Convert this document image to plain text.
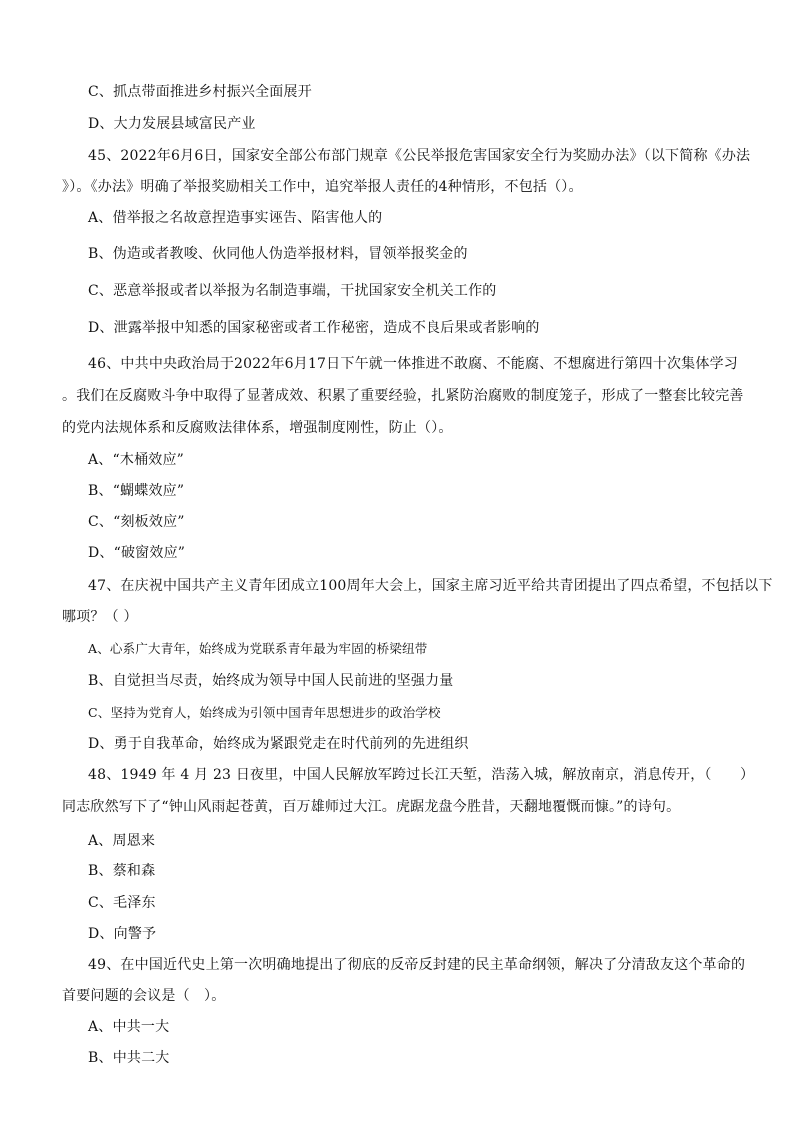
C、抓点带面推进乡村振兴全面展开
D、大力发展县域富民产业
45、2022年6月6日，国家安全部公布部门规章《公民举报危害国家安全行为奖励办法》（以下简称《办法
》）。《办法》明确了举报奖励相关工作中，追究举报人责任的4种情形，不包括（）。
A、借举报之名故意捏造事实诬告、陷害他人的
B、伪造或者教唆、伙同他人伪造举报材料，冒领举报奖金的
C、恶意举报或者以举报为名制造事端，干扰国家安全机关工作的
D、泄露举报中知悉的国家秘密或者工作秘密，造成不良后果或者影响的
46、中共中央政治局于2022年6月17日下午就一体推进不敢腐、不能腐、不想腐进行第四十次集体学习
。我们在反腐败斗争中取得了显著成效、积累了重要经验，扎紧防治腐败的制度笼子，形成了一整套比较完善
的党内法规体系和反腐败法律体系，增强制度刚性，防止（）。
A、“木桶效应”
B、“蝴蝶效应”
C、“刻板效应”
D、“破窗效应”
47、在庆祝中国共产主义青年团成立100周年大会上，国家主席习近平给共青团提出了四点希望，不包括以下
哪项？（ ）
A、心系广大青年，始终成为党联系青年最为牢固的桥梁纽带
B、自觉担当尽责，始终成为领导中国人民前进的坚强力量
C、坚持为党育人，始终成为引领中国青年思想进步的政治学校
D、勇于自我革命，始终成为紧跟党走在时代前列的先进组织
48、1949 年 4 月 23 日夜里，中国人民解放军跨过长江天堑，浩荡入城，解放南京，消息传开，（　　）
同志欣然写下了“钟山风雨起苍黄，百万雄师过大江。虎踞龙盘今胜昔，天翻地覆慨而慷。”的诗句。
A、周恩来
B、蔡和森
C、毛泽东
D、向警予
49、在中国近代史上第一次明确地提出了彻底的反帝反封建的民主革命纲领，解决了分清敌友这个革命的
首要问题的会议是（　）。
A、中共一大
B、中共二大
